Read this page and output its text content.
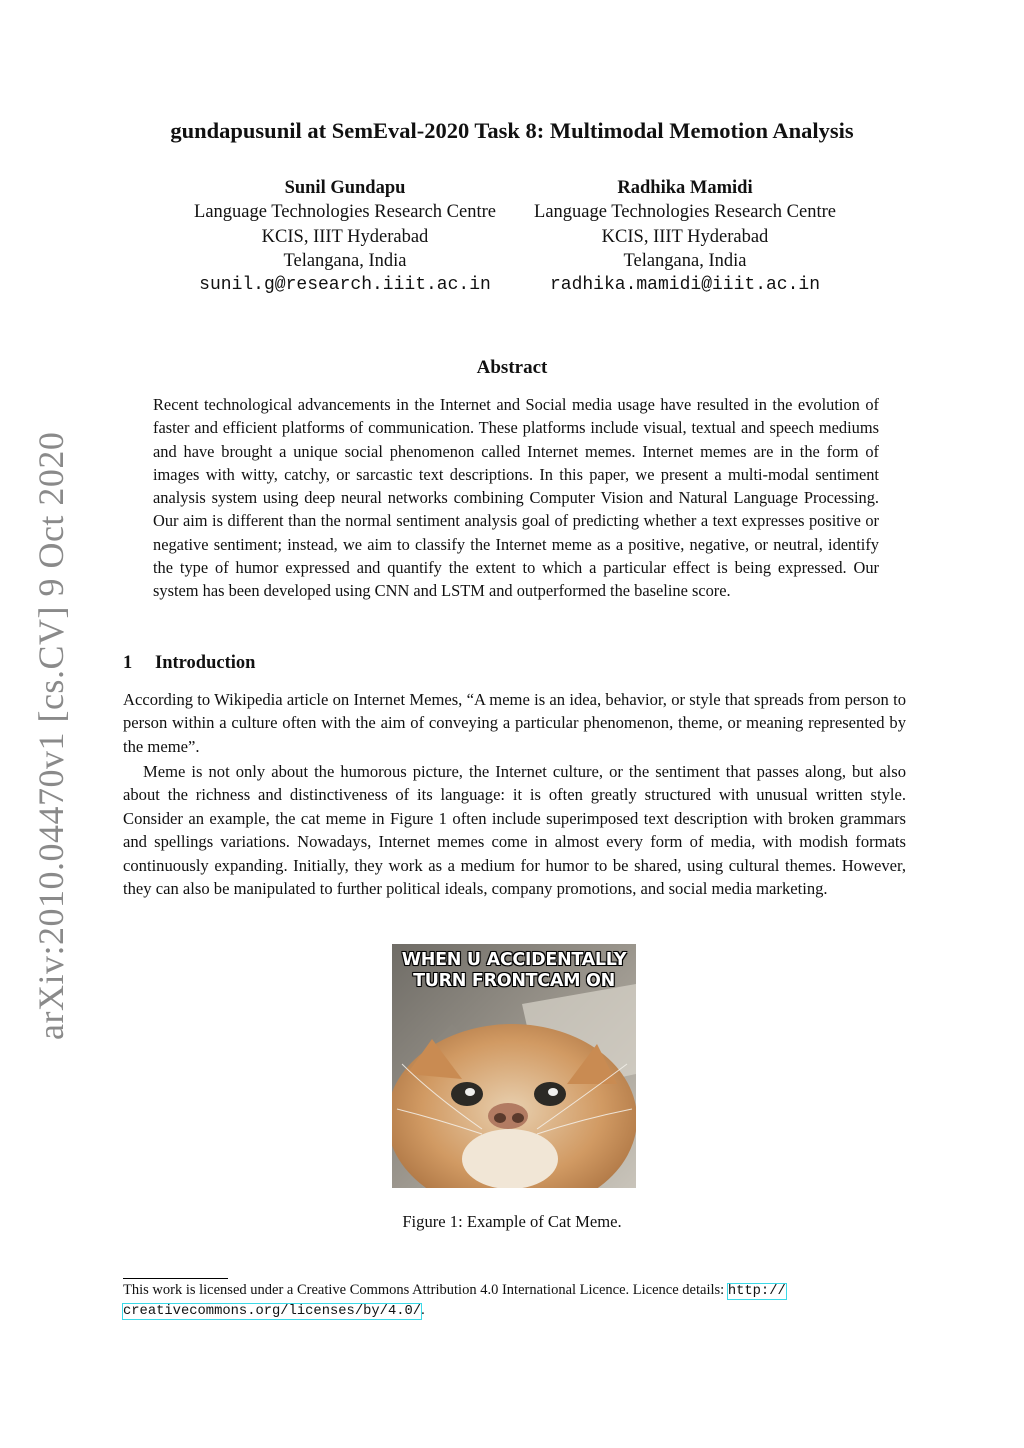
arXiv:2010.04470v1 [cs.CV] 9 Oct 2020
gundapusunil at SemEval-2020 Task 8: Multimodal Memotion Analysis
Sunil Gundapu
Language Technologies Research Centre
KCIS, IIIT Hyderabad
Telangana, India
sunil.g@research.iiit.ac.in
Radhika Mamidi
Language Technologies Research Centre
KCIS, IIIT Hyderabad
Telangana, India
radhika.mamidi@iiit.ac.in
Abstract

Recent technological advancements in the Internet and Social media usage have resulted in the evolution of faster and efficient platforms of communication. These platforms include visual, textual and speech mediums and have brought a unique social phenomenon called Internet memes. Internet memes are in the form of images with witty, catchy, or sarcastic text descriptions. In this paper, we present a multi-modal sentiment analysis system using deep neural networks combining Computer Vision and Natural Language Processing. Our aim is different than the normal sentiment analysis goal of predicting whether a text expresses positive or negative sentiment; instead, we aim to classify the Internet meme as a positive, negative, or neutral, identify the type of humor expressed and quantify the extent to which a particular effect is being expressed. Our system has been developed using CNN and LSTM and outperformed the baseline score.

1 Introduction

According to Wikipedia article on Internet Memes, “A meme is an idea, behavior, or style that spreads from person to person within a culture often with the aim of conveying a particular phenomenon, theme, or meaning represented by the meme”.

Meme is not only about the humorous picture, the Internet culture, or the sentiment that passes along, but also about the richness and distinctiveness of its language: it is often greatly structured with unusual written style. Consider an example, the cat meme in Figure 1 often include superimposed text description with broken grammars and spellings variations. Nowadays, Internet memes come in almost every form of media, with modish formats continuously expanding. Initially, they work as a medium for humor to be shared, using cultural themes. However, they can also be manipulated to further political ideals, company promotions, and social media marketing.

WHEN U ACCIDENTALLY
TURN FRONTCAM ON
Figure 1: Example of Cat Meme.
This work is licensed under a Creative Commons Attribution 4.0 International Licence. Licence details: http://
creativecommons.org/licenses/by/4.0/.
